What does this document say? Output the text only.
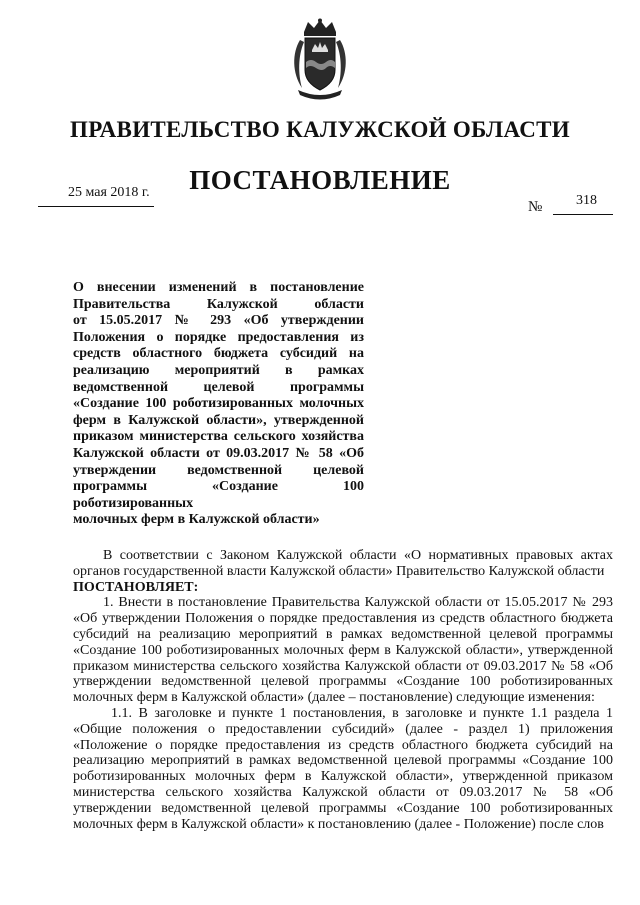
ПРАВИТЕЛЬСТВО КАЛУЖСКОЙ ОБЛАСТИ
ПОСТАНОВЛЕНИЕ
25 мая 2018 г.
№ 318
О внесении изменений в постановление
Правительства Калужской области
от 15.05.2017 № 293 «Об утверждении
Положения о порядке предоставления из
средств областного бюджета субсидий на
реализацию мероприятий в рамках
ведомственной целевой программы
«Создание 100 роботизированных молочных
ферм в Калужской области», утвержденной
приказом министерства сельского хозяйства
Калужской области от 09.03.2017 № 58 «Об
утверждении ведомственной целевой
программы «Создание 100 роботизированных
молочных ферм в Калужской области»

В соответствии с Законом Калужской области «О нормативных правовых актах органов государственной власти Калужской области» Правительство Калужской области

ПОСТАНОВЛЯЕТ:

1. Внести в постановление Правительства Калужской области от 15.05.2017 № 293 «Об утверждении Положения о порядке предоставления из средств областного бюджета субсидий на реализацию мероприятий в рамках ведомственной целевой программы «Создание 100 роботизированных молочных ферм в Калужской области», утвержденной приказом министерства сельского хозяйства Калужской области от 09.03.2017 № 58 «Об утверждении ведомственной целевой программы «Создание 100 роботизированных молочных ферм в Калужской области» (далее – постановление) следующие изменения:

1.1. В заголовке и пункте 1 постановления, в заголовке и пункте 1.1 раздела 1 «Общие положения о предоставлении субсидий» (далее - раздел 1) приложения «Положение о порядке предоставления из средств областного бюджета субсидий на реализацию мероприятий в рамках ведомственной целевой программы «Создание 100 роботизированных молочных ферм в Калужской области», утвержденной приказом министерства сельского хозяйства Калужской области от 09.03.2017 № 58 «Об утверждении ведомственной целевой программы «Создание 100 роботизированных молочных ферм в Калужской области» к постановлению (далее - Положение) после слов
